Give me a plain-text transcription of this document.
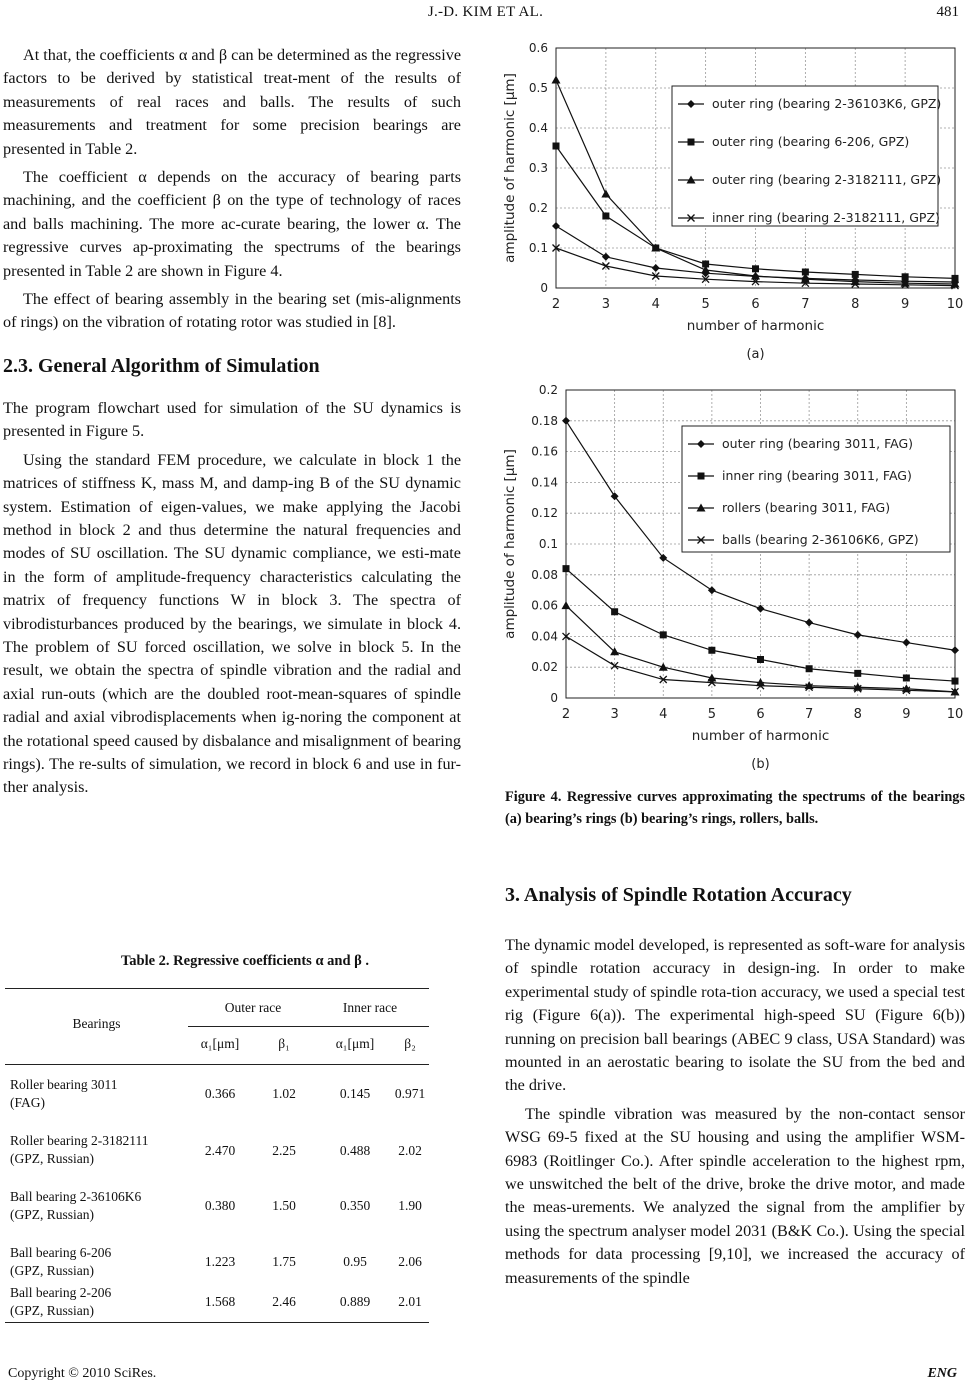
J.-D. KIM ET AL.	481

At that, the coefficients α and β can be determined as the regressive factors to be derived by statistical treat-ment of the results of measurements of real races and balls. The results of such measurements and treatment for some precision bearings are presented in Table 2.

The coefficient α depends on the accuracy of bearing parts machining, and the coefficient β on the type of technology of races and balls machining. The more ac-curate bearing, the lower α. The regressive curves ap-proximating the spectrums of the bearings presented in Table 2 are shown in Figure 4.

The effect of bearing assembly in the bearing set (mis-alignments of rings) on the vibration of rotating rotor was studied in [8].

2.3. General Algorithm of Simulation

The program flowchart used for simulation of the SU dynamics is presented in Figure 5.

Using the standard FEM procedure, we calculate in block 1 the matrices of stiffness K, mass M, and damp-ing B of the SU dynamic system. Estimation of eigen-values, we make applying the Jacobi method in block 2 and thus determine the natural frequencies and modes of SU oscillation. The SU dynamic compliance, we esti-mate in the form of amplitude-frequency characteristics calculating the matrix of frequency functions W in block 3. The spectra of vibrodisturbances produced by the bearings, we simulate in block 4. The problem of SU forced oscillation, we solve in block 5. In the result, we obtain the spectra of spindle vibration and the radial and axial run-outs (which are the doubled root-mean-squares of spindle radial and axial vibrodisplacements when ig-noring the component at the rotational speed caused by disbalance and misalignment of bearing rings). The re-sults of simulation, we record in block 6 and use in fur-ther analysis.

Table 2. Regressive coefficients α and β .
Bearings
Outer race	Inner race
α₁[μm]	β₁	α₁[μm]	β₂
Roller bearing 3011
(FAG)
0.366	1.02	0.145	0.971
Roller bearing 2-3182111
(GPZ, Russian)
2.470	2.25	0.488	2.02
Ball bearing 2-36106K6
(GPZ, Russian)
0.380	1.50	0.350	1.90
Ball bearing 6-206
(GPZ, Russian)
1.223	1.75	0.95	2.06
Ball bearing 2-206
(GPZ, Russian)
1.568	2.46	0.889	2.01
0
0.1
0.2
0.3
0.4
0.5
0.6
2	3	4	5	6	7	8	9	10
outer ring (bearing 2-36103K6, GPZ)
outer ring (bearing 6-206, GPZ)
outer ring (bearing 2-3182111, GPZ)
inner ring (bearing 2-3182111, GPZ)
number of harmonic
amplitude of harmonic [μm]
(a)
0
0.02
0.04
0.06
0.08
0.1
0.12
0.14
0.16
0.18
0.2
2	3	4	5	6	7	8	9	10
outer ring (bearing 3011, FAG)
inner ring (bearing 3011, FAG)
rollers (bearing 3011, FAG)
balls (bearing 2-36106K6, GPZ)
number of harmonic
amplitude of harmonic [μm]
(b)
Figure 4. Regressive curves approximating the spectrums of the bearings (a) bearing’s rings (b) bearing’s rings, rollers, balls.
3. Analysis of Spindle Rotation Accuracy

The dynamic model developed, is represented as soft-ware for analysis of spindle rotation accuracy in design-ing. In order to make experimental study of spindle rota-tion accuracy, we used a special test rig (Figure 6(a)). The experimental high-speed SU (Figure 6(b)) running on precision ball bearings (ABEC 9 class, USA Standard) was mounted in an aerostatic bearing to isolate the SU from the bed and the drive.

The spindle vibration was measured by the non-contact sensor WSG 69-5 fixed at the SU housing and using the amplifier WSM-6983 (Roitlinger Co.). After spindle acceleration to the highest rpm, we unswitched the belt of the drive, broke the drive motor, and made the meas-urements. We analyzed the signal from the amplifier by using the spectrum analyser model 2031 (B&K Co.). Using the special methods for data processing [9,10], we increased the accuracy of measurements of the spindle

Copyright © 2010 SciRes.	ENG
